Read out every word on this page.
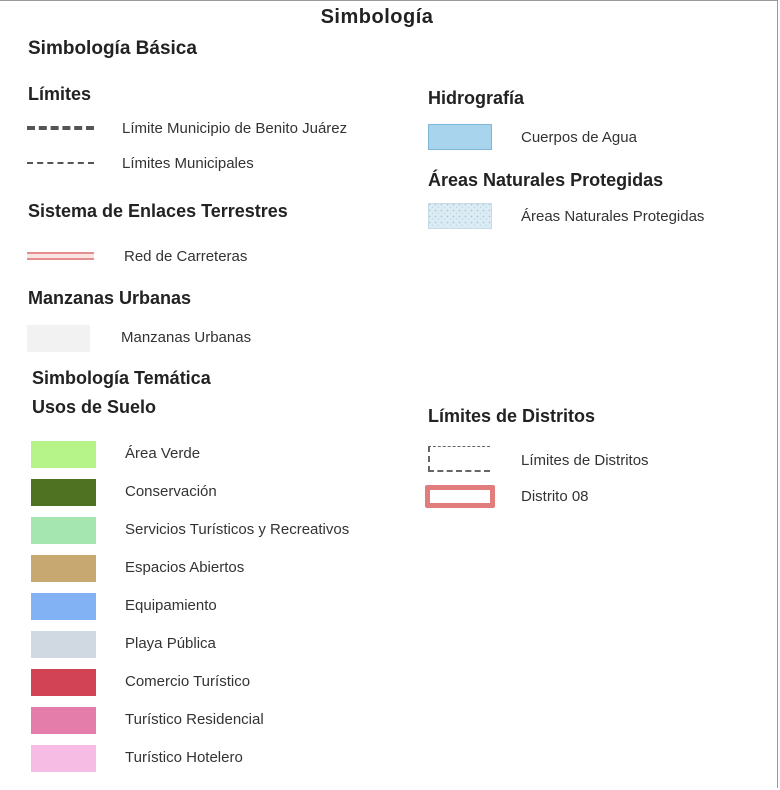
Simbología
Simbología Básica
Límites
Límite Municipio de Benito Juárez
Límites Municipales
Sistema de Enlaces Terrestres
Red de Carreteras
Manzanas Urbanas
Manzanas Urbanas
Hidrografía
Cuerpos de Agua
Áreas Naturales Protegidas
Áreas Naturales Protegidas
Simbología Temática
Usos de Suelo
Área Verde
Conservación
Servicios Turísticos y Recreativos
Espacios Abiertos
Equipamiento
Playa Pública
Comercio Turístico
Turístico Residencial
Turístico Hotelero
Límites de Distritos
Límites de Distritos
Distrito 08
